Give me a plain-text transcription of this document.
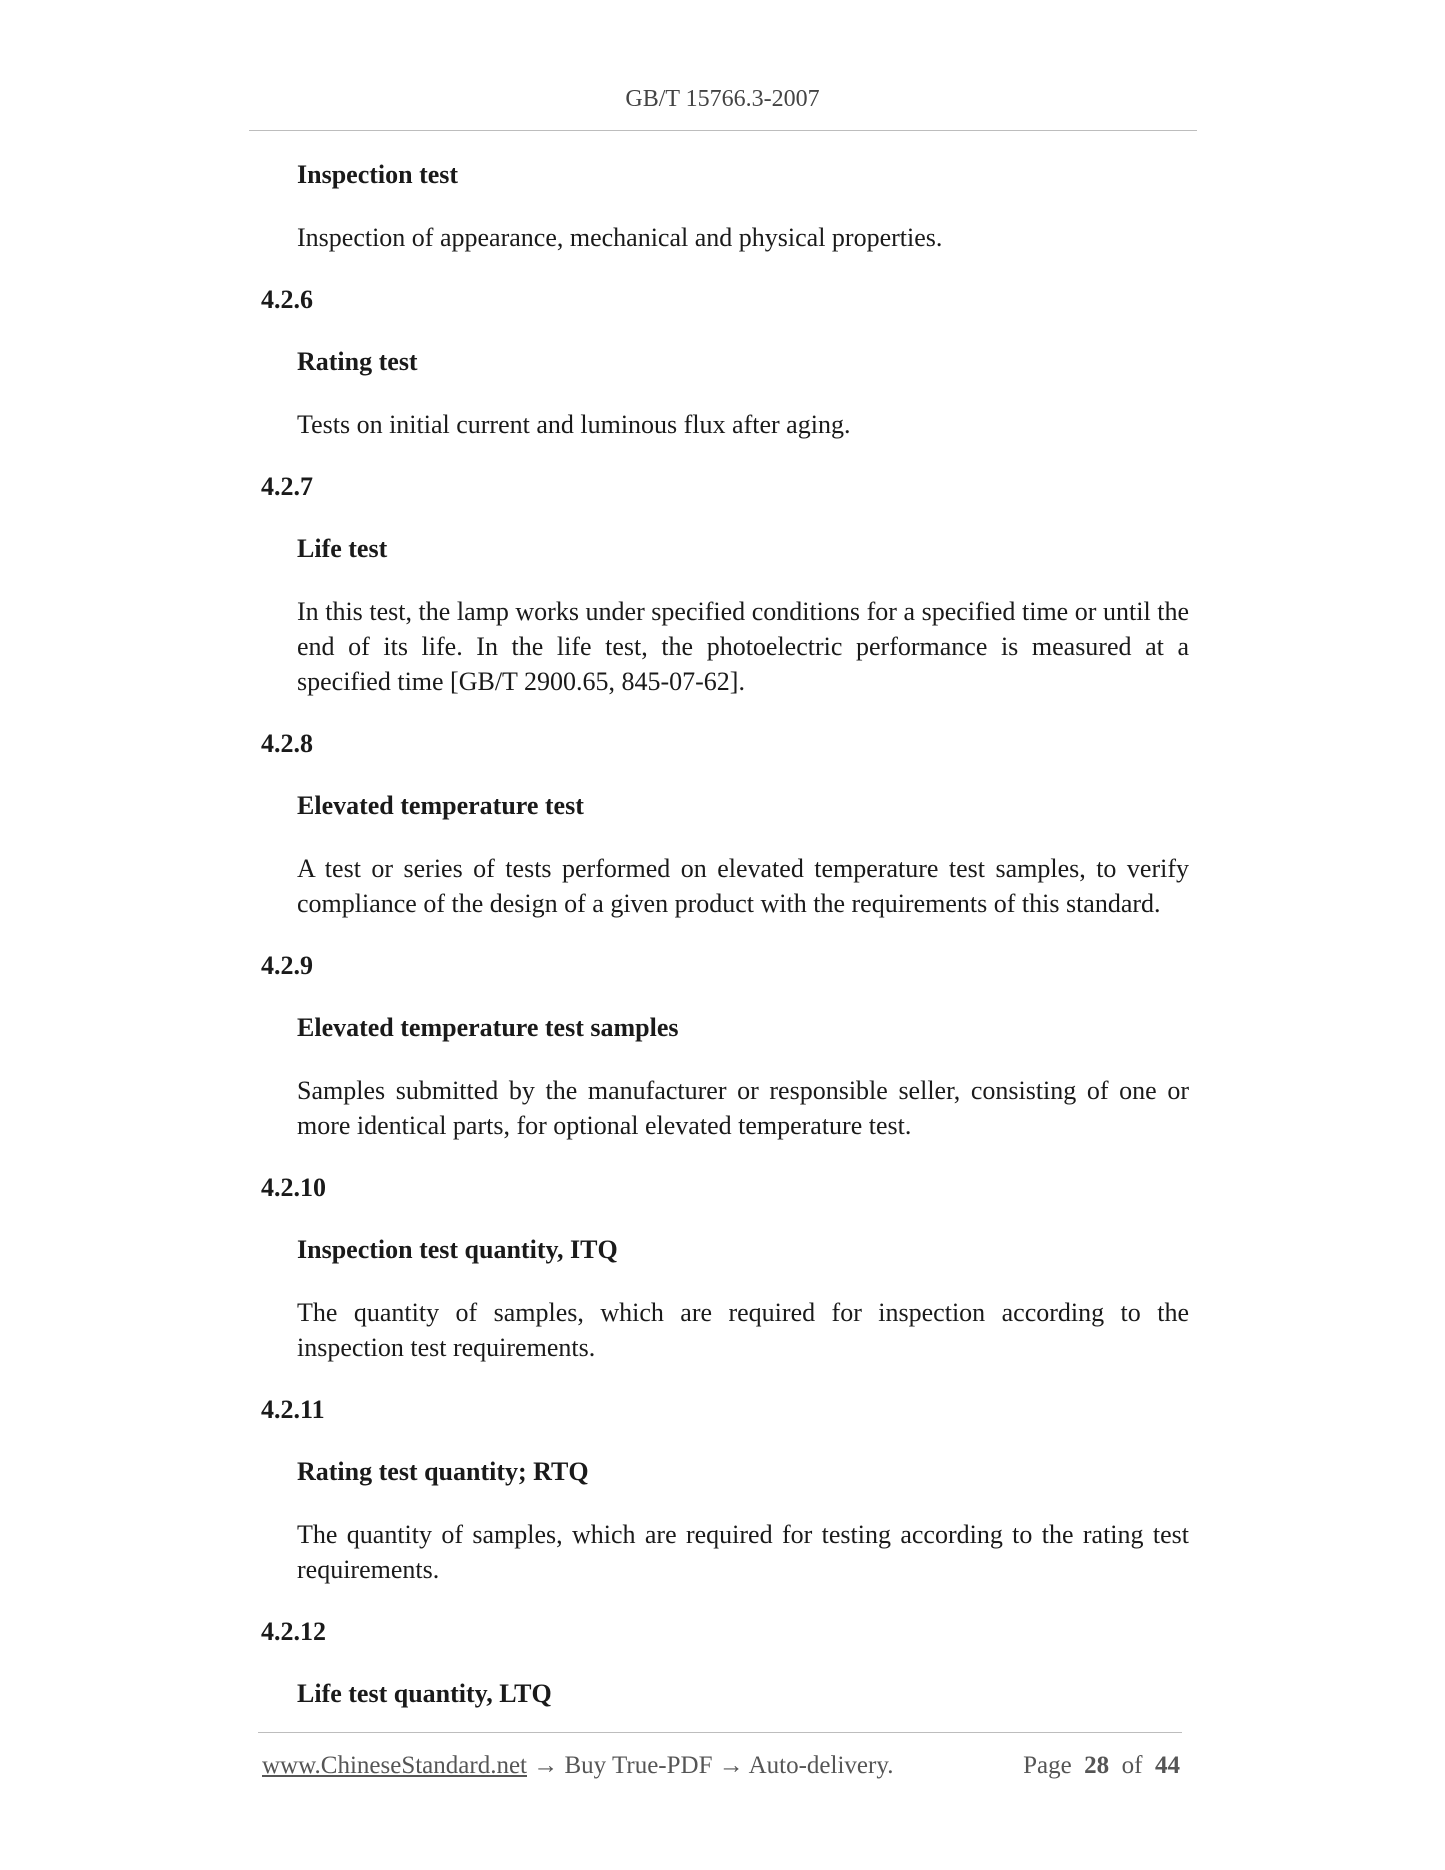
GB/T 15766.3-2007

Inspection test

Inspection of appearance, mechanical and physical properties.

4.2.6

Rating test

Tests on initial current and luminous flux after aging.

4.2.7

Life test

In this test, the lamp works under specified conditions for a specified time or until the end of its life. In the life test, the photoelectric performance is measured at a specified time [GB/T 2900.65, 845-07-62].

4.2.8

Elevated temperature test

A test or series of tests performed on elevated temperature test samples, to verify compliance of the design of a given product with the requirements of this standard.

4.2.9

Elevated temperature test samples

Samples submitted by the manufacturer or responsible seller, consisting of one or more identical parts, for optional elevated temperature test.

4.2.10

Inspection test quantity, ITQ

The quantity of samples, which are required for inspection according to the inspection test requirements.

4.2.11

Rating test quantity; RTQ

The quantity of samples, which are required for testing according to the rating test requirements.

4.2.12

Life test quantity, LTQ

www.ChineseStandard.net → Buy True-PDF → Auto-delivery.	Page 28 of 44
